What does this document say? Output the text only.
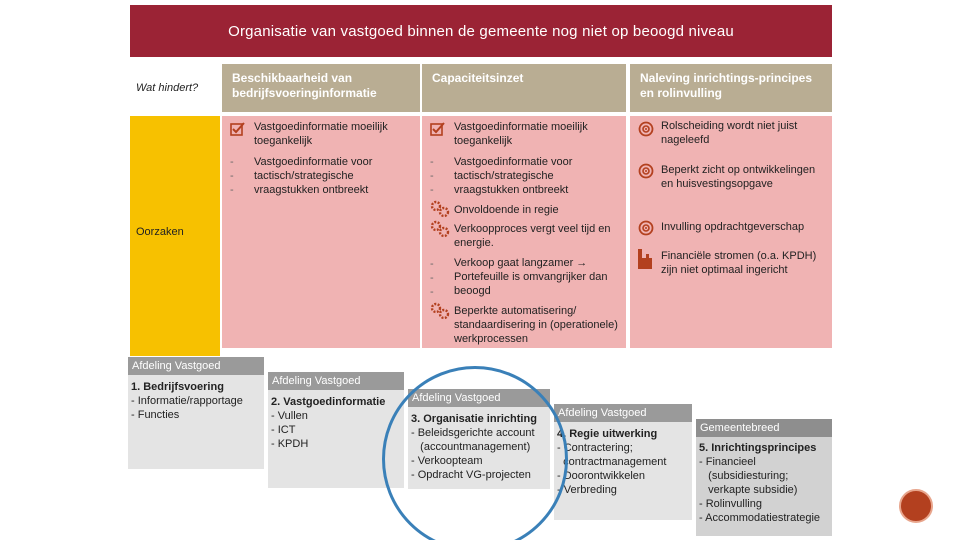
Organisatie van vastgoed binnen de gemeente nog niet op beoogd niveau
Wat hindert?
Beschikbaarheid van bedrijfsvoeringinformatie
Capaciteitsinzet	Naleving inrichtings-principes en rolinvulling
Oorzaken
Vastgoedinformatie moeilijk toegankelijk
-
-
-
Vastgoedinformatie voor tactisch/strategische vraagstukken ontbreekt
Vastgoedinformatie moeilijk toegankelijk
-
-
-
Vastgoedinformatie voor tactisch/strategische vraagstukken ontbreekt
Onvoldoende in regie
Verkoopproces vergt veel tijd en energie.
-
-
-
Verkoop gaat langzamer → Portefeuille is omvangrijker dan beoogd
Beperkte automatisering/ standaardisering in (operationele) werkprocessen
Rolscheiding wordt niet juist nageleefd
Beperkt zicht op ontwikkelingen en huisvestingsopgave
Invulling opdrachtgeverschap
Financiële stromen (o.a. KPDH) zijn niet optimaal ingericht
Afdeling Vastgoed
1. Bedrijfsvoering
- Informatie/rapportage
- Functies
Afdeling Vastgoed
2. Vastgoedinformatie
- Vullen
- ICT
- KPDH
Afdeling Vastgoed
3. Organisatie inrichting
- Beleidsgerichte account
(accountmanagement)
- Verkoopteam
- Opdracht VG-projecten
Afdeling Vastgoed
4. Regie uitwerking
- Contractering;
contractmanagement
- Doorontwikkelen
- Verbreding
Gemeentebreed
5. Inrichtingsprincipes
- Financieel
(subsidiesturing;
verkapte subsidie)
- Rolinvulling
- Accommodatiestrategie
